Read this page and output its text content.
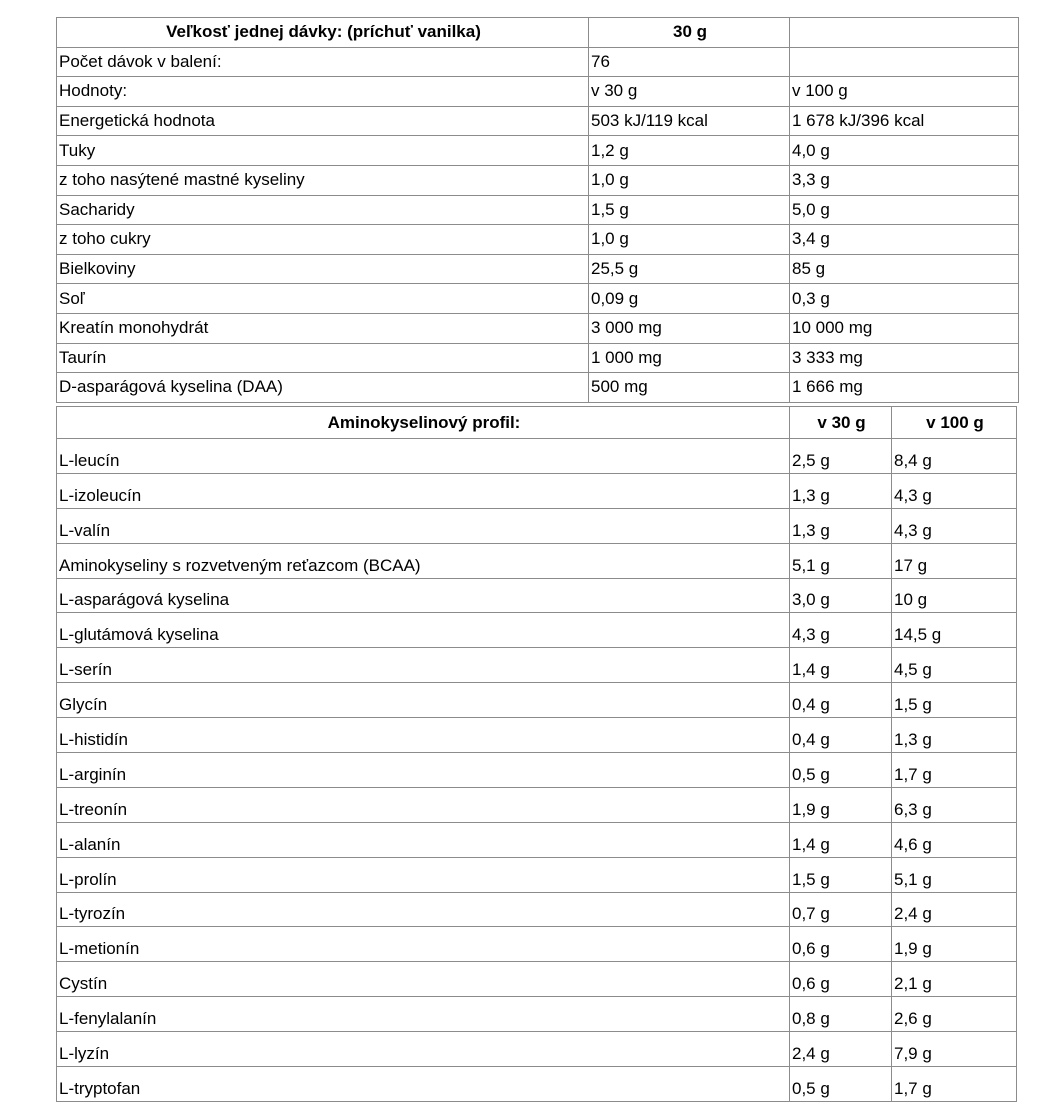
Veľkosť jednej dávky: (príchuť vanilka)	30 g	
Počet dávok v balení:	76	
Hodnoty:	v 30 g	v 100 g
Energetická hodnota	503 kJ/119 kcal	1 678 kJ/396 kcal
Tuky	1,2 g	4,0 g
z toho nasýtené mastné kyseliny	1,0 g	3,3 g
Sacharidy	1,5 g	5,0 g
z toho cukry	1,0 g	3,4 g
Bielkoviny	25,5 g	85 g
Soľ	0,09 g	0,3 g
Kreatín monohydrát	3 000 mg	10 000 mg
Taurín	1 000 mg	3 333 mg
D-asparágová kyselina (DAA)	500 mg	1 666 mg
Aminokyselinový profil:	v 30 g	v 100 g
L-leucín	2,5 g	8,4 g
L-izoleucín	1,3 g	4,3 g
L-valín	1,3 g	4,3 g
Aminokyseliny s rozvetveným reťazcom (BCAA)	5,1 g	17 g
L-asparágová kyselina	3,0 g	10 g
L-glutámová kyselina	4,3 g	14,5 g
L-serín	1,4 g	4,5 g
Glycín	0,4 g	1,5 g
L-histidín	0,4 g	1,3 g
L-arginín	0,5 g	1,7 g
L-treonín	1,9 g	6,3 g
L-alanín	1,4 g	4,6 g
L-prolín	1,5 g	5,1 g
L-tyrozín	0,7 g	2,4 g
L-metionín	0,6 g	1,9 g
Cystín	0,6 g	2,1 g
L-fenylalanín	0,8 g	2,6 g
L-lyzín	2,4 g	7,9 g
L-tryptofan	0,5 g	1,7 g
